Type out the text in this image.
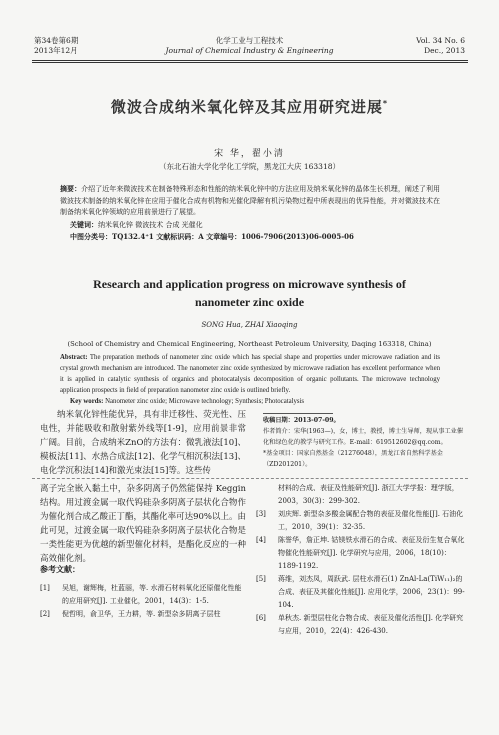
第34卷第6期
2013年12月
化学工业与工程技术
Journal of Chemical Industry & Engineering
Vol. 34 No. 6
Dec., 2013
微波合成纳米氧化锌及其应用研究进展*
宋 华，翟小清
（东北石油大学化学化工学院，黑龙江大庆 163318）
摘要：介绍了近年来微波技术在制备特殊形态和性能的纳米氧化锌中的方法应用及纳米氧化锌的晶体生长机理，阐述了利用微波技术制备的纳米氧化锌在应用于催化合成有机物和光催化降解有机污染物过程中所表现出的优异性能，并对微波技术在制备纳米氧化锌领域的应用前景进行了展望。
关键词：纳米氧化锌 微波技术 合成 光催化
中图分类号：TQ132.4⁺1 文献标识码：A 文章编号：1006-7906(2013)06-0005-06
Research and application progress on microwave synthesis of
nanometer zinc oxide
SONG Hua, ZHAI Xiaoqing
(School of Chemistry and Chemical Engineering, Northeast Petroleum University, Daqing 163318, China)
Abstract: The preparation methods of nanometer zinc oxide which has special shape and properties under microwave radiation and its crystal growth mechanism are introduced. The nanometer zinc oxide synthesized by microwave radiation has excellent performance when it is applied in catalytic synthesis of organics and photocatalysis decomposition of organic pollutants. The microwave technology application prospects in field of preparation nanometer zinc oxide is outlined briefly.
Key words: Nanometer zinc oxide; Microwave technology; Synthesis; Photocatalysis
纳米氧化锌性能优异，具有非迁移性、荧光性、压电性，并能吸收和散射紫外线等[1-9]，应用前景非常广阔。目前，合成纳米ZnO的方法有：微乳液法[10]、模板法[11]、水热合成法[12]、化学气相沉积法[13]、电化学沉积法[14]和激光束法[15]等。这些传
收稿日期：2013-07-09。
作者简介：宋华(1963—)，女，博士，教授，博士生导师，现从事工业催化和绿色化的教学与研究工作。E-mail：619512602@qq.com。
*基金项目：国家自然基金（21276048），黑龙江省自然科学基金（ZD201201）。
离子完全嵌入黏土中，杂多阴离子仍然能保持 Keggin 结构。用过渡金属一取代钨硅杂多阴离子层状化合物作为催化剂合成乙酸正丁酯，其酯化率可达90%以上。由此可见，过渡金属一取代钨硅杂多阴离子层状化合物是一类性能更为优越的新型催化材料，是酯化反应的一种高效催化剂。
参考文献：
[1]	吴旭，谢辉梅，杜蓝丽，等. 水滑石材料氧化还原催化性能的应用研究[J]. 工业催化，2001，14(3)：1-5.
[2]	倪哲明，俞卫华，王力耕，等. 新型杂多阴离子层柱
材料的合成、表征及性能研究[J]. 浙江大学学报：理学版，2003，30(3)：299-302.
[3]	刘庆辉. 新型杂多酸金属配合物的表征及催化性能[J]. 石油化工，2010，39(1)：32-35.
[4]	陈誉华，詹正坤. 钴镁铁水滑石的合成、表征及衍生复合氧化物催化性能研究[J]. 化学研究与应用，2006，18(10)：1189-1192.
[5]	蒋维，刘杰凤，周跃武. 层柱水滑石(1) ZnAl-La(TiW₁₁)₂的合成、表征及其催化性能[J]. 应用化学，2006，23(1)：99-104.
[6]	单秋杰. 新型层柱化合物合成、表征及催化活性[J]. 化学研究与应用，2010，22(4)：426-430.
